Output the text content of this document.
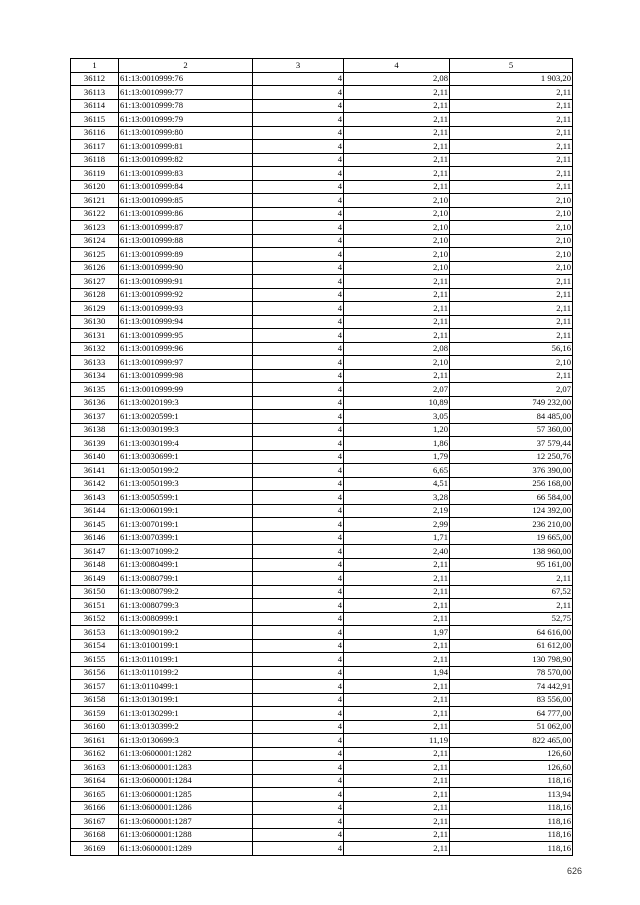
1	2	3	4	5
36112	61:13:0010999:76	4	2,08	1 903,20
36113	61:13:0010999:77	4	2,11	2,11
36114	61:13:0010999:78	4	2,11	2,11
36115	61:13:0010999:79	4	2,11	2,11
36116	61:13:0010999:80	4	2,11	2,11
36117	61:13:0010999:81	4	2,11	2,11
36118	61:13:0010999:82	4	2,11	2,11
36119	61:13:0010999:83	4	2,11	2,11
36120	61:13:0010999:84	4	2,11	2,11
36121	61:13:0010999:85	4	2,10	2,10
36122	61:13:0010999:86	4	2,10	2,10
36123	61:13:0010999:87	4	2,10	2,10
36124	61:13:0010999:88	4	2,10	2,10
36125	61:13:0010999:89	4	2,10	2,10
36126	61:13:0010999:90	4	2,10	2,10
36127	61:13:0010999:91	4	2,11	2,11
36128	61:13:0010999:92	4	2,11	2,11
36129	61:13:0010999:93	4	2,11	2,11
36130	61:13:0010999:94	4	2,11	2,11
36131	61:13:0010999:95	4	2,11	2,11
36132	61:13:0010999:96	4	2,08	56,16
36133	61:13:0010999:97	4	2,10	2,10
36134	61:13:0010999:98	4	2,11	2,11
36135	61:13:0010999:99	4	2,07	2,07
36136	61:13:0020199:3	4	10,89	749 232,00
36137	61:13:0020599:1	4	3,05	84 485,00
36138	61:13:0030199:3	4	1,20	57 360,00
36139	61:13:0030199:4	4	1,86	37 579,44
36140	61:13:0030699:1	4	1,79	12 250,76
36141	61:13:0050199:2	4	6,65	376 390,00
36142	61:13:0050199:3	4	4,51	256 168,00
36143	61:13:0050599:1	4	3,28	66 584,00
36144	61:13:0060199:1	4	2,19	124 392,00
36145	61:13:0070199:1	4	2,99	236 210,00
36146	61:13:0070399:1	4	1,71	19 665,00
36147	61:13:0071099:2	4	2,40	138 960,00
36148	61:13:0080499:1	4	2,11	95 161,00
36149	61:13:0080799:1	4	2,11	2,11
36150	61:13:0080799:2	4	2,11	67,52
36151	61:13:0080799:3	4	2,11	2,11
36152	61:13:0080999:1	4	2,11	52,75
36153	61:13:0090199:2	4	1,97	64 616,00
36154	61:13:0100199:1	4	2,11	61 612,00
36155	61:13:0110199:1	4	2,11	130 798,90
36156	61:13:0110199:2	4	1,94	78 570,00
36157	61:13:0110499:1	4	2,11	74 442,91
36158	61:13:0130199:1	4	2,11	83 556,00
36159	61:13:0130299:1	4	2,11	64 777,00
36160	61:13:0130399:2	4	2,11	51 062,00
36161	61:13:0130699:3	4	11,19	822 465,00
36162	61:13:0600001:1282	4	2,11	126,60
36163	61:13:0600001:1283	4	2,11	126,60
36164	61:13:0600001:1284	4	2,11	118,16
36165	61:13:0600001:1285	4	2,11	113,94
36166	61:13:0600001:1286	4	2,11	118,16
36167	61:13:0600001:1287	4	2,11	118,16
36168	61:13:0600001:1288	4	2,11	118,16
36169	61:13:0600001:1289	4	2,11	118,16
626
